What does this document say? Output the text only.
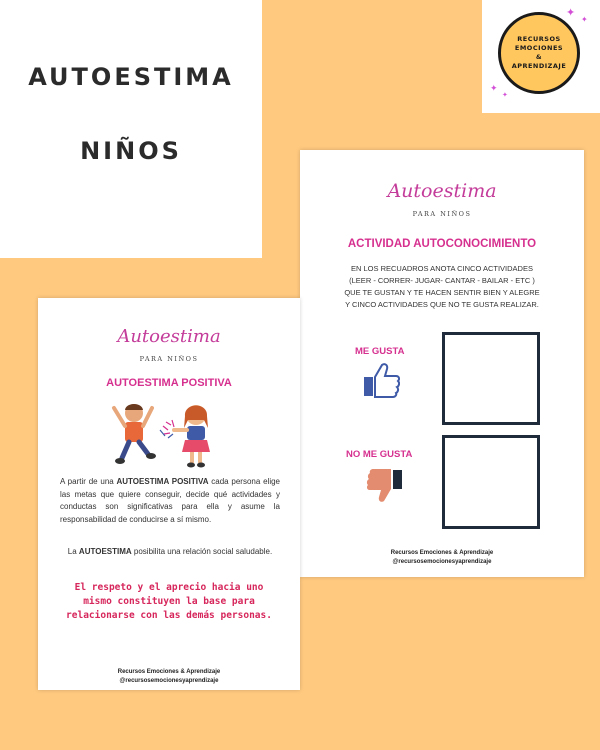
AUTOESTIMA
NIÑOS
RECURSOS
EMOCIONES
&
APRENDIZAJE
✦
✦
✦
✦
Autoestima
PARA NIÑOS
ACTIVIDAD AUTOCONOCIMIENTO
EN LOS RECUADROS ANOTA CINCO ACTIVIDADES
(LEER - CORRER- JUGAR- CANTAR - BAILAR - ETC )
QUE TE GUSTAN Y TE HACEN SENTIR BIEN Y ALEGRE
Y CINCO ACTIVIDADES QUE NO TE GUSTA REALIZAR.
ME GUSTA
NO ME GUSTA
Recursos Emociones & Aprendizaje
@recursosemocionesyaprendizaje
Autoestima
PARA NIÑOS
AUTOESTIMA POSITIVA
A partir de una AUTOESTIMA POSITIVA cada persona elige las metas que quiere conseguir, decide qué actividades y conductas son significativas para ella y asume la responsabilidad de conducirse a sí mismo.
La AUTOESTIMA posibilita una relación social saludable.
El respeto y el aprecio hacia uno mismo constituyen la base para relacionarse con las demás personas.
Recursos Emociones & Aprendizaje
@recursosemocionesyaprendizaje
